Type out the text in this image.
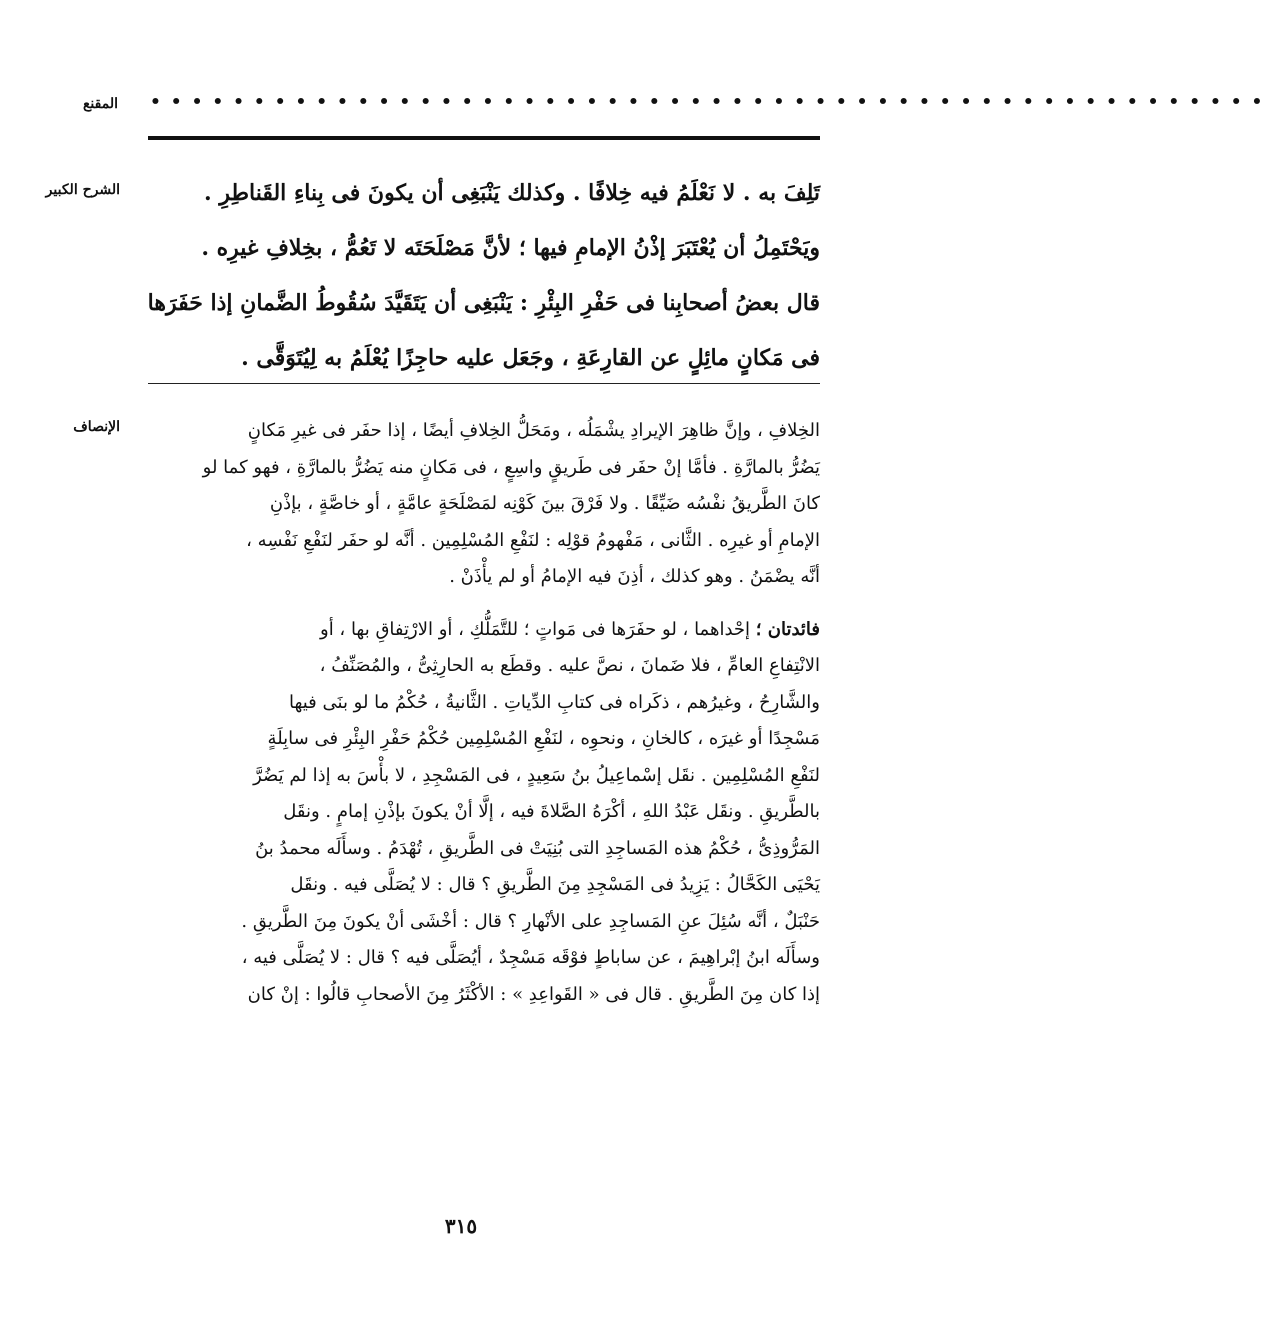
المقنع • • • • • • • • • • • • • • • • • • • • • • • • • • • • • • • • • • • • • • • • • • • • • • • • • • • • • •
الشرح الكبير	تَلِفَ به . لا نَعْلَمُ فيه خِلافًا . وكذلك يَنْبَغِى أن يكونَ فى بِناءِ القَناطِرِ .
ويَحْتَمِلُ أن يُعْتَبَرَ إذْنُ الإمامِ فيها ؛ لأنَّ مَصْلَحَتَه لا تَعُمُّ ، بخِلافِ غيرِه .
قال بعضُ أصحابِنا فى حَفْرِ البِئْرِ : يَنْبَغِى أن يَتَقَيَّدَ سُقُوطُ الضَّمانِ إذا حَفَرَها
فى مَكانٍ مائِلٍ عن القارِعَةِ ، وجَعَل عليه حاجِزًا يُعْلَمُ به لِيُتَوَقَّى .
الإنصاف	الخِلافِ ، وإنَّ ظاهِرَ الإيرادِ يشْمَلُه ، ومَحَلُّ الخِلافِ أيضًا ، إذا حفَر فى غيرِ مَكانٍ
يَضُرُّ بالمارَّةِ . فأمَّا إنْ حفَر فى طَريقٍ واسِعٍ ، فى مَكانٍ منه يَضُرُّ بالمارَّةِ ، فهو كما لو
كانَ الطَّريقُ نفْسُه ضَيِّقًا . ولا فَرْقَ بينَ كَوْنِه لمَصْلَحَةٍ عامَّةٍ ، أو خاصَّةٍ ، بإذْنِ
الإمامِ أو غيرِه . الثَّانى ، مَفْهومُ قوْلِه : لنَفْعِ المُسْلِمِين . أنَّه لو حفَر لنَفْعِ نَفْسِه ،
أنَّه يضْمَنُ . وهو كذلك ، أذِنَ فيه الإمامُ أو لم يأْذَنْ .
فائدتان ؛ إحْداهما ، لو حفَرَها فى مَواتٍ ؛ للتَّمَلُّكِ ، أو الارْتِفاقِ بها ، أو
الانْتِفاعِ العامِّ ، فلا ضَمانَ ، نصَّ عليه . وقطَع به الحارِثِىُّ ، والمُصَنِّفُ ،
والشَّارِحُ ، وغيرُهم ، ذكَراه فى كتابِ الدِّياتِ . الثَّانيةُ ، حُكْمُ ما لو بنَى فيها
مَسْجِدًا أو غيرَه ، كالخانِ ، ونحوِه ، لنَفْعِ المُسْلِمِين حُكْمُ حَفْرِ البِئْرِ فى سابِلَةٍ
لنَفْعِ المُسْلِمِين . نقَل إسْماعِيلُ بنُ سَعِيدٍ ، فى المَسْجِدِ ، لا بأْسَ به إذا لم يَضُرَّ
بالطَّريقِ . ونقَل عَبْدُ اللهِ ، أكْرَهُ الصَّلاةَ فيه ، إلَّا أنْ يكونَ بإذْنِ إمامٍ . ونقَل
المَرُّوذِىُّ ، حُكْمُ هذه المَساجِدِ التى بُنِيَتْ فى الطَّريقِ ، تُهْدَمُ . وسأَلَه محمدُ بنُ
يَحْيَى الكَحَّالُ : يَزِيدُ فى المَسْجِدِ مِنَ الطَّريقِ ؟ قال : لا يُصَلَّى فيه . ونقَل
حَنْبَلٌ ، أنَّه سُئِلَ عنِ المَساجِدِ على الأنْهارِ ؟ قال : أخْشَى أنْ يكونَ مِنَ الطَّريقِ .
وسأَلَه ابنُ إبْراهِيمَ ، عن ساباطٍ فوْقَه مَسْجِدٌ ، أيُصَلَّى فيه ؟ قال : لا يُصَلَّى فيه ،
إذا كان مِنَ الطَّريقِ . قال فى « القَواعِدِ » : الأكْثَرُ مِنَ الأصحابِ قالُوا : إنْ كان
٣١٥
